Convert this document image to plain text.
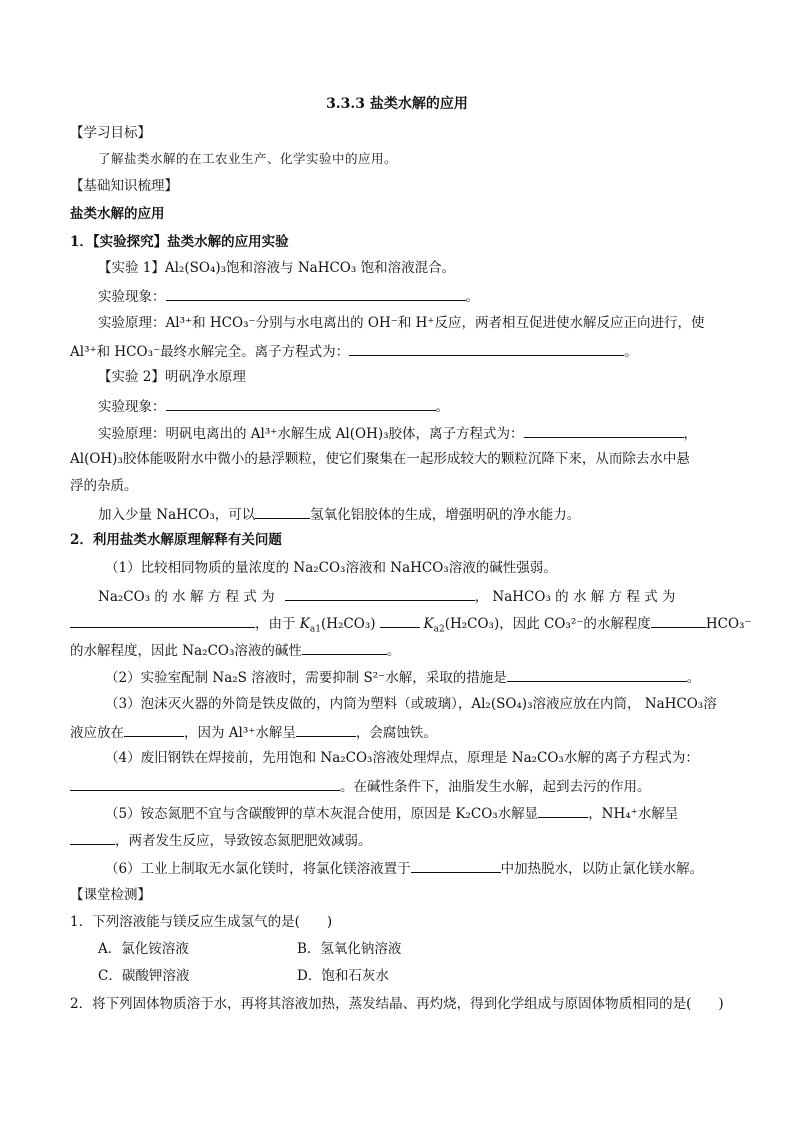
3.3.3 盐类水解的应用
【学习目标】
了解盐类水解的在工农业生产、化学实验中的应用。
【基础知识梳理】
盐类水解的应用
1．【实验探究】盐类水解的应用实验
【实验 1】Al₂(SO₄)₃饱和溶液与 NaHCO₃ 饱和溶液混合。
实验现象：	。
实验原理：Al³⁺和 HCO₃⁻分别与水电离出的 OH⁻和 H⁺反应，两者相互促进使水解反应正向进行，使
Al³⁺和 HCO₃⁻最终水解完全。离子方程式为：	。
【实验 2】明矾净水原理
实验现象：	。
实验原理：明矾电离出的 Al³⁺水解生成 Al(OH)₃胶体，离子方程式为：	，
Al(OH)₃胶体能吸附水中微小的悬浮颗粒，使它们聚集在一起形成较大的颗粒沉降下来，从而除去水中悬
浮的杂质。
加入少量 NaHCO₃，可以	氢氧化铝胶体的生成，增强明矾的净水能力。
2．利用盐类水解原理解释有关问题
（1）比较相同物质的量浓度的 Na₂CO₃溶液和 NaHCO₃溶液的碱性强弱。
Na₂CO₃ 的 水 解 方 程 式 为	， NaHCO₃ 的 水 解 方 程 式 为
，由于 $K_{a1}(H_2CO_3)$	$K_{a2}(H_2CO_3)$，因此 CO₃²⁻的水解程度	HCO₃⁻
的水解程度，因此 Na₂CO₃溶液的碱性	。
（2）实验室配制 Na₂S 溶液时，需要抑制 S²⁻水解，采取的措施是	。
（3）泡沫灭火器的外筒是铁皮做的，内筒为塑料（或玻璃），Al₂(SO₄)₃溶液应放在内筒， NaHCO₃溶
液应放在	，因为 Al³⁺水解呈	，会腐蚀铁。
（4）废旧钢铁在焊接前，先用饱和 Na₂CO₃溶液处理焊点，原理是 Na₂CO₃水解的离子方程式为：
。在碱性条件下，油脂发生水解，起到去污的作用。
（5）铵态氮肥不宜与含碳酸钾的草木灰混合使用，原因是 K₂CO₃水解显	，NH₄⁺水解呈
，两者发生反应，导致铵态氮肥肥效减弱。
（6）工业上制取无水氯化镁时，将氯化镁溶液置于	中加热脱水，以防止氯化镁水解。
【课堂检测】
1．下列溶液能与镁反应生成氢气的是(　　)
A．氯化铵溶液	B．氢氧化钠溶液
C．碳酸钾溶液	D．饱和石灰水
2．将下列固体物质溶于水，再将其溶液加热，蒸发结晶、再灼烧，得到化学组成与原固体物质相同的是(　　)
